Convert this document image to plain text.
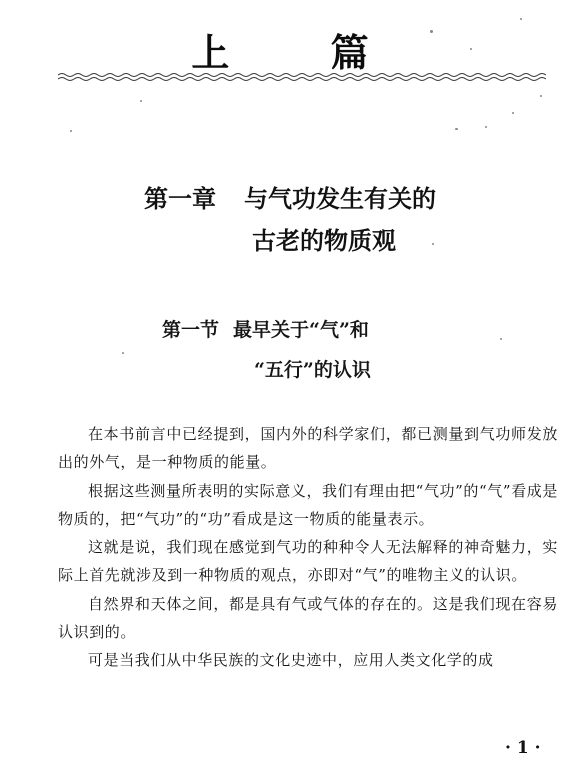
上 篇
第一章 与气功发生有关的
古老的物质观
第一节 最早关于“气”和
“五行”的认识

在本书前言中已经提到，国内外的科学家们，都已测量到气功师发放出的外气，是一种物质的能量。

根据这些测量所表明的实际意义，我们有理由把“气功”的“气”看成是物质的，把“气功”的“功”看成是这一物质的能量表示。

这就是说，我们现在感觉到气功的种种令人无法解释的神奇魅力，实际上首先就涉及到一种物质的观点，亦即对“气”的唯物主义的认识。

自然界和天体之间，都是具有气或气体的存在的。这是我们现在容易认识到的。

可是当我们从中华民族的文化史迹中，应用人类文化学的成

· 1 ·
